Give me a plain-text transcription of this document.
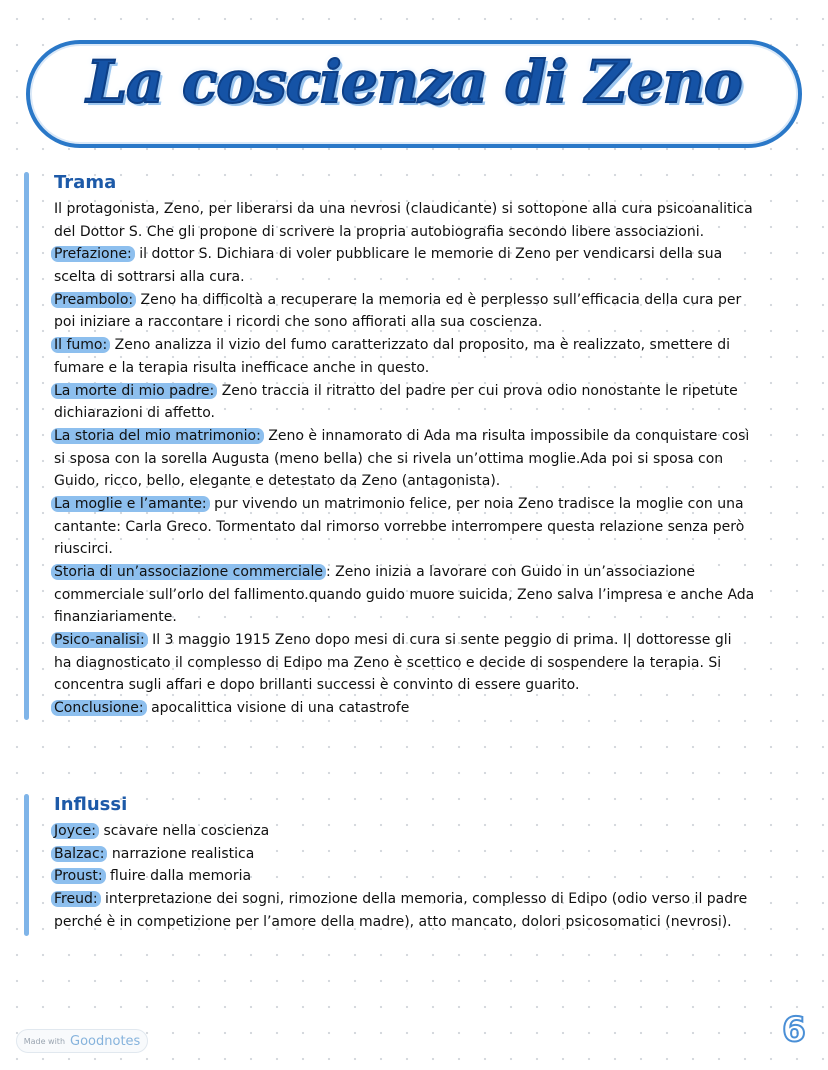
La coscienza di Zeno
Trama
Il protagonista, Zeno, per liberarsi da una nevrosi (claudicante) si sottopone alla cura psicoanalitica
del Dottor S. Che gli propone di scrivere la propria autobiografia secondo libere associazioni.
Prefazione: il dottor S. Dichiara di voler pubblicare le memorie di Zeno per vendicarsi della sua
scelta di sottrarsi alla cura.
Preambolo: Zeno ha difficoltà a recuperare la memoria ed è perplesso sull’efficacia della cura per
poi iniziare a raccontare i ricordi che sono affiorati alla sua coscienza.
Il fumo: Zeno analizza il vizio del fumo caratterizzato dal proposito, ma è realizzato, smettere di
fumare e la terapia risulta inefficace anche in questo.
La morte di mio padre: Zeno traccia il ritratto del padre per cui prova odio nonostante le ripetute
dichiarazioni di affetto.
La storia del mio matrimonio: Zeno è innamorato di Ada ma risulta impossibile da conquistare così
si sposa con la sorella Augusta (meno bella) che si rivela un’ottima moglie.Ada poi si sposa con
Guido, ricco, bello, elegante e detestato da Zeno (antagonista).
La moglie e l’amante: pur vivendo un matrimonio felice, per noia Zeno tradisce la moglie con una
cantante: Carla Greco. Tormentato dal rimorso vorrebbe interrompere questa relazione senza però
riuscirci.
Storia di un’associazione commerciale : Zeno inizia a lavorare con Guido in un’associazione
commerciale sull’orlo del fallimento.quando guido muore suicida, Zeno salva l’impresa e anche Ada
finanziariamente.
Psico-analisi: Il 3 maggio 1915 Zeno dopo mesi di cura si sente peggio di prima. I| dottoresse gli
ha diagnosticato il complesso di Edipo ma Zeno è scettico e decide di sospendere la terapia. Si
concentra sugli affari e dopo brillanti successi è convinto di essere guarito.
Conclusione: apocalittica visione di una catastrofe
Influssi
Joyce: scavare nella coscienza
Balzac: narrazione realistica
Proust: fluire dalla memoria
Freud: interpretazione dei sogni, rimozione della memoria, complesso di Edipo (odio verso il padre
perché è in competizione per l’amore della madre), atto mancato, dolori psicosomatici (nevrosi).
Made with Goodnotes	6
